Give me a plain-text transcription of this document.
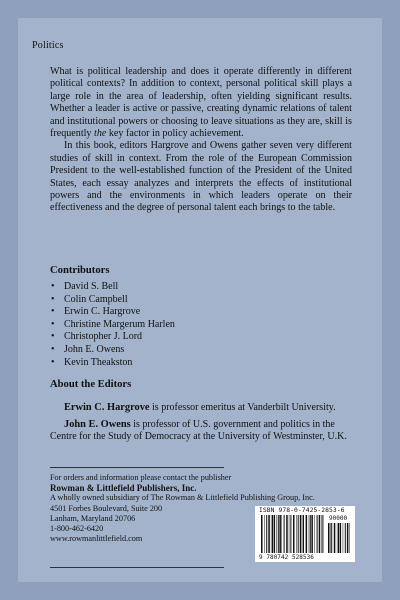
Politics

What is political leadership and does it operate differently in different political contexts? In addition to context, personal political skill plays a large role in the area of leadership, often yielding significant results. Whether a leader is active or passive, creating dynamic relations of talent and institutional powers or choosing to leave situations as they are, skill is frequently the key factor in policy achievement.

In this book, editors Hargrove and Owens gather seven very different studies of skill in context. From the role of the European Commission President to the well-established function of the President of the United States, each essay analyzes and interprets the effects of institutional powers and the environments in which leaders operate on their effectiveness and the degree of personal talent each brings to the table.

Contributors
• David S. Bell
• Colin Campbell
• Erwin C. Hargrove
• Christine Margerum Harlen
• Christopher J. Lord
• John E. Owens
• Kevin Theakston
About the Editors
Erwin C. Hargrove is professor emeritus at Vanderbilt University.
John E. Owens is professor of U.S. government and politics in the Centre for the Study of Democracy at the University of Westminster, U.K.
For orders and information please contact the publisher
Rowman & Littlefield Publishers, Inc.
A wholly owned subsidiary of The Rowman & Littlefield Publishing Group, Inc.
4501 Forbes Boulevard, Suite 200
Lanham, Maryland 20706
1-800-462-6420
www.rowmanlittlefield.com
ISBN 978-0-7425-2853-6
90000
9 780742 528536
